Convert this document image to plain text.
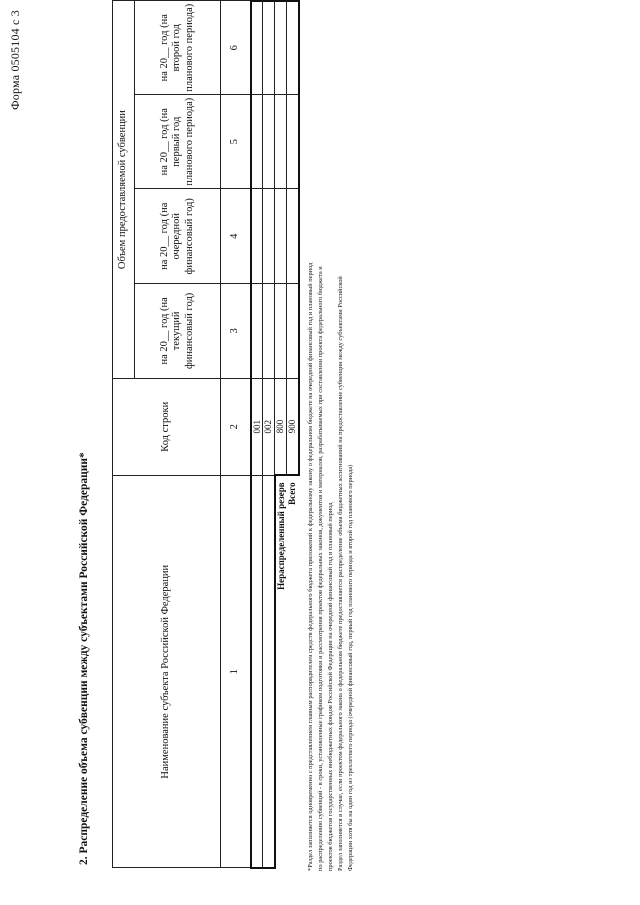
Форма 0505104 с 3
2. Распределение объема субвенции между субъектами Российской Федерации*	Наименование субъекта Российской Федерации	Код строки	Объем предоставляемой субвенции			
		на 20__ год (на текущий финансовый год)	на 20__ год (на очередной финансовый год)	на 20__ год (на первый год планового периода)	на 20__ год (на второй год планового периода)
1	2	3	4	5	6
	001				
	002				
Нераспределенный резерв	800				
Всего	900				*Раздел заполняется одновременно с представлением главным распорядителем средств федерального бюджета приложений к федеральному закону о федеральном бюджете на очередной финансовый год и плановый период по распределению субвенций - в сроки, установленные графиком подготовки и рассмотрения проектов федеральных законов, документов и материалов, разрабатываемых при составлении проекта федерального бюджета и проектов бюджетов государственных внебюджетных фондов Российской Федерации на очередной финансовый год и плановый период Раздел заполняется в случае, если проектом федерального закона о федеральном бюджете предоставляется распределение объема бюджетных ассигнований на предоставление субвенции между субъектами Российской Федерации хотя бы на один год из трехлетнего периода (очередной финансовый год, первый год планового периода и второй год планового периода)
